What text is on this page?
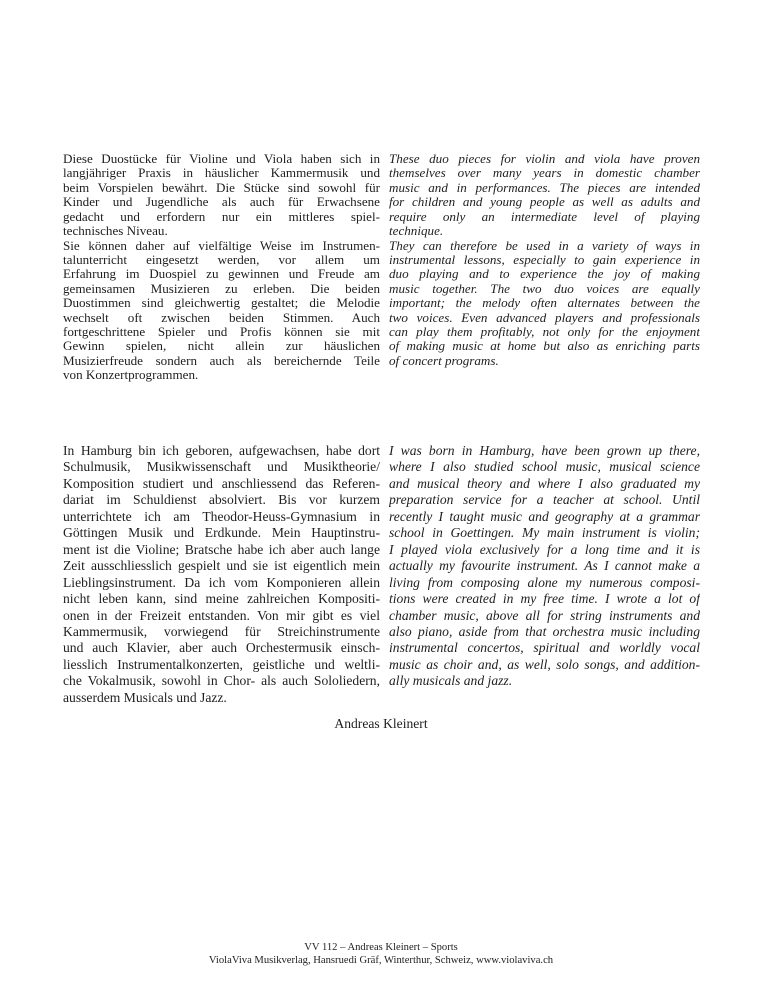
Diese Duostücke für Violine und Viola haben sich in
langjähriger Praxis in häuslicher Kammermusik und
beim Vorspielen bewährt. Die Stücke sind sowohl für
Kinder und Jugendliche als auch für Erwachsene
gedacht und erfordern nur ein mittleres spiel-
technisches Niveau.
Sie können daher auf vielfältige Weise im Instrumen-
talunterricht eingesetzt werden, vor allem um
Erfahrung im Duospiel zu gewinnen und Freude am
gemeinsamen Musizieren zu erleben. Die beiden
Duostimmen sind gleichwertig gestaltet; die Melodie
wechselt oft zwischen beiden Stimmen. Auch
fortgeschrittene Spieler und Profis können sie mit
Gewinn spielen, nicht allein zur häuslichen
Musizierfreude sondern auch als bereichernde Teile
von Konzertprogrammen.
These duo pieces for violin and viola have proven
themselves over many years in domestic chamber
music and in performances. The pieces are intended
for children and young people as well as adults and
require only an intermediate level of playing
technique.
They can therefore be used in a variety of ways in
instrumental lessons, especially to gain experience in
duo playing and to experience the joy of making
music together. The two duo voices are equally
important; the melody often alternates between the
two voices. Even advanced players and professionals
can play them profitably, not only for the enjoyment
of making music at home but also as enriching parts
of concert programs.
In Hamburg bin ich geboren, aufgewachsen, habe dort
Schulmusik, Musikwissenschaft und Musiktheorie/
Komposition studiert und anschliessend das Referen-
dariat im Schuldienst absolviert. Bis vor kurzem
unterrichtete ich am Theodor-Heuss-Gymnasium in
Göttingen Musik und Erdkunde. Mein Hauptinstru-
ment ist die Violine; Bratsche habe ich aber auch lange
Zeit ausschliesslich gespielt und sie ist eigentlich mein
Lieblingsinstrument. Da ich vom Komponieren allein
nicht leben kann, sind meine zahlreichen Kompositi-
onen in der Freizeit entstanden. Von mir gibt es viel
Kammermusik, vorwiegend für Streichinstrumente
und auch Klavier, aber auch Orchestermusik einsch-
liesslich Instrumentalkonzerten, geistliche und weltli-
che Vokalmusik, sowohl in Chor- als auch Sololiedern,
ausserdem Musicals und Jazz.
I was born in Hamburg, have been grown up there,
where I also studied school music, musical science
and musical theory and where I also graduated my
preparation service for a teacher at school. Until
recently I taught music and geography at a grammar
school in Goettingen. My main instrument is violin;
I played viola exclusively for a long time and it is
actually my favourite instrument. As I cannot make a
living from composing alone my numerous composi-
tions were created in my free time. I wrote a lot of
chamber music, above all for string instruments and
also piano, aside from that orchestra music including
instrumental concertos, spiritual and worldly vocal
music as choir and, as well, solo songs, and addition-
ally musicals and jazz.
Andreas Kleinert
VV 112 – Andreas Kleinert – Sports
ViolaViva Musikverlag, Hansruedi Gräf, Winterthur, Schweiz, www.violaviva.ch
